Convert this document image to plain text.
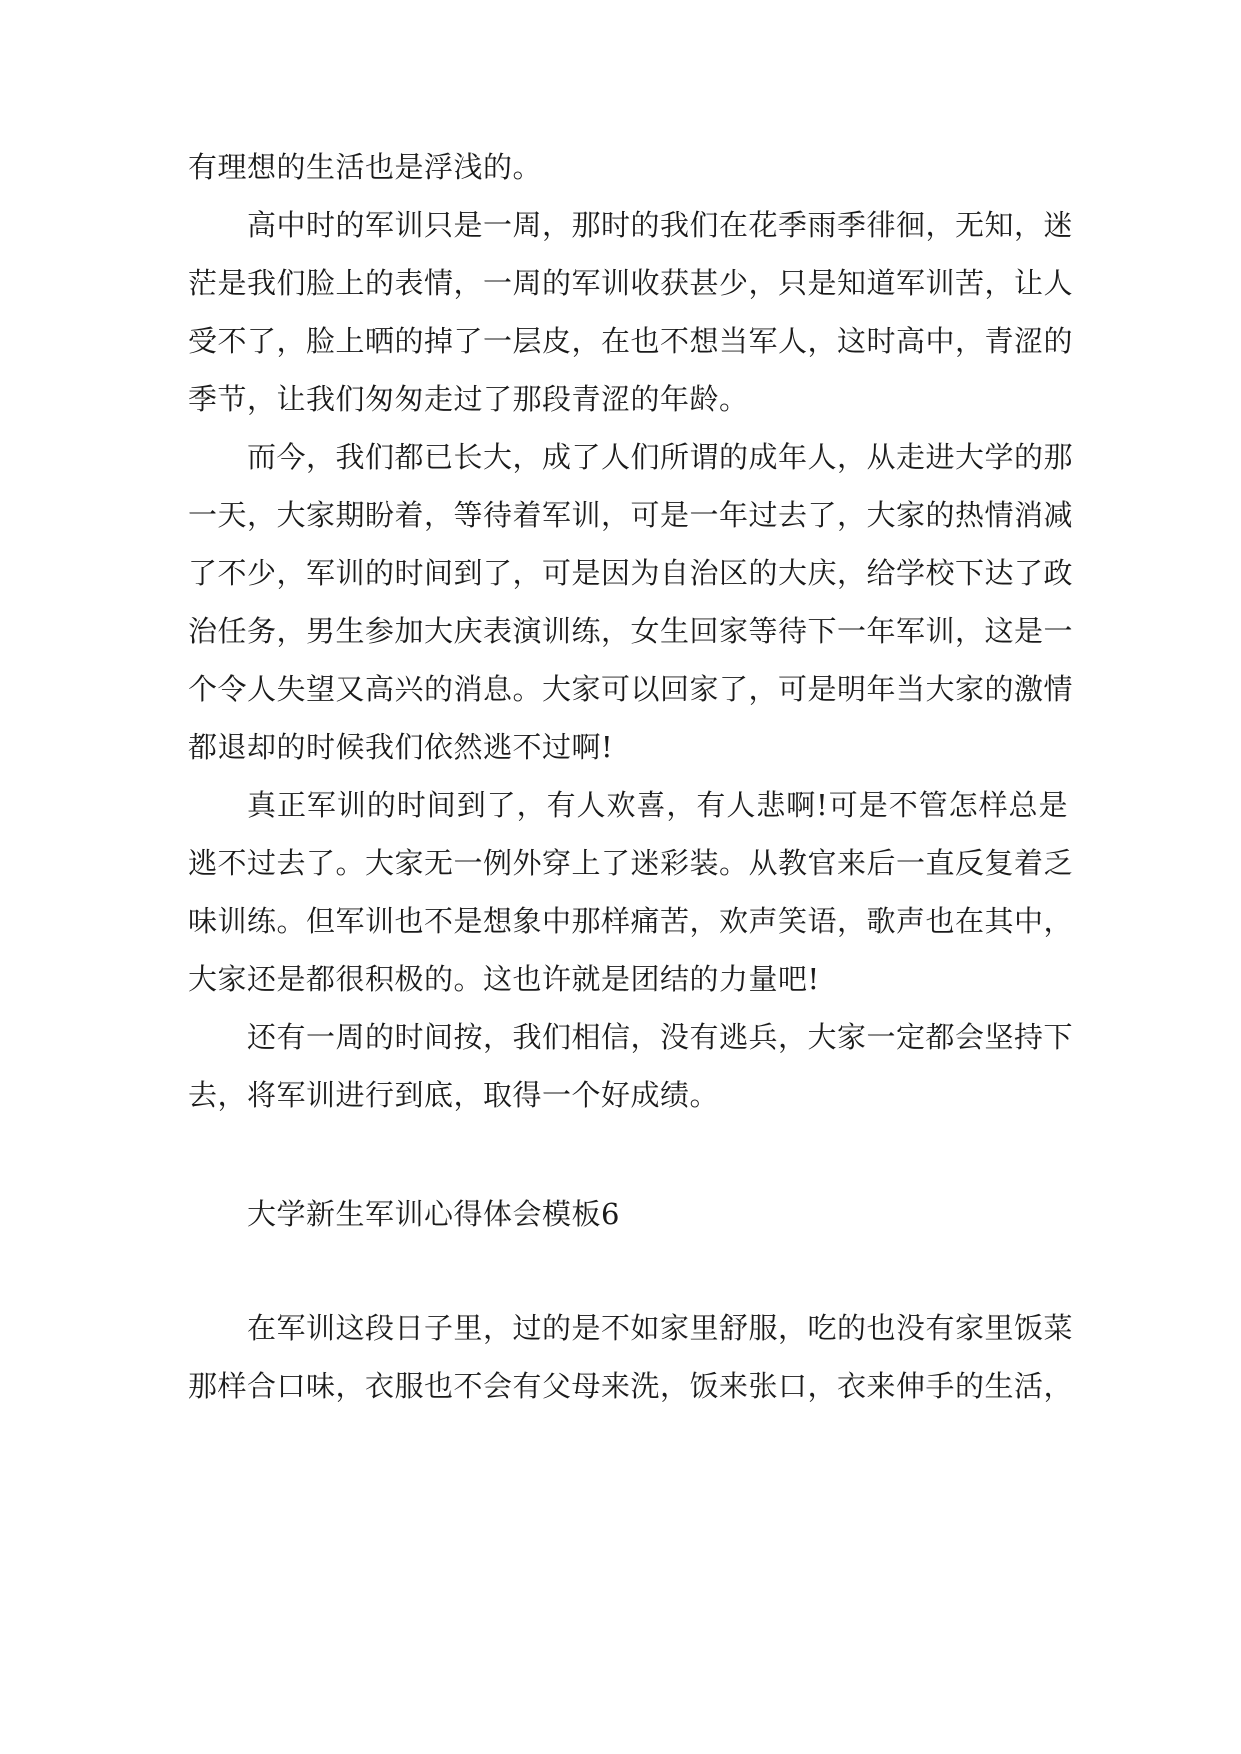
有理想的生活也是浮浅的。
高中时的军训只是一周，那时的我们在花季雨季徘徊，无知，迷
茫是我们脸上的表情，一周的军训收获甚少，只是知道军训苦，让人
受不了，脸上晒的掉了一层皮，在也不想当军人，这时高中，青涩的
季节，让我们匆匆走过了那段青涩的年龄。
而今，我们都已长大，成了人们所谓的成年人，从走进大学的那
一天，大家期盼着，等待着军训，可是一年过去了，大家的热情消减
了不少，军训的时间到了，可是因为自治区的大庆，给学校下达了政
治任务，男生参加大庆表演训练，女生回家等待下一年军训，这是一
个令人失望又高兴的消息。大家可以回家了，可是明年当大家的激情
都退却的时候我们依然逃不过啊!
真正军训的时间到了，有人欢喜，有人悲啊!可是不管怎样总是
逃不过去了。大家无一例外穿上了迷彩装。从教官来后一直反复着乏
味训练。但军训也不是想象中那样痛苦，欢声笑语，歌声也在其中，
大家还是都很积极的。这也许就是团结的力量吧!
还有一周的时间按，我们相信，没有逃兵，大家一定都会坚持下
去，将军训进行到底，取得一个好成绩。
大学新生军训心得体会模板6
在军训这段日子里，过的是不如家里舒服，吃的也没有家里饭菜
那样合口味，衣服也不会有父母来洗，饭来张口，衣来伸手的生活，
